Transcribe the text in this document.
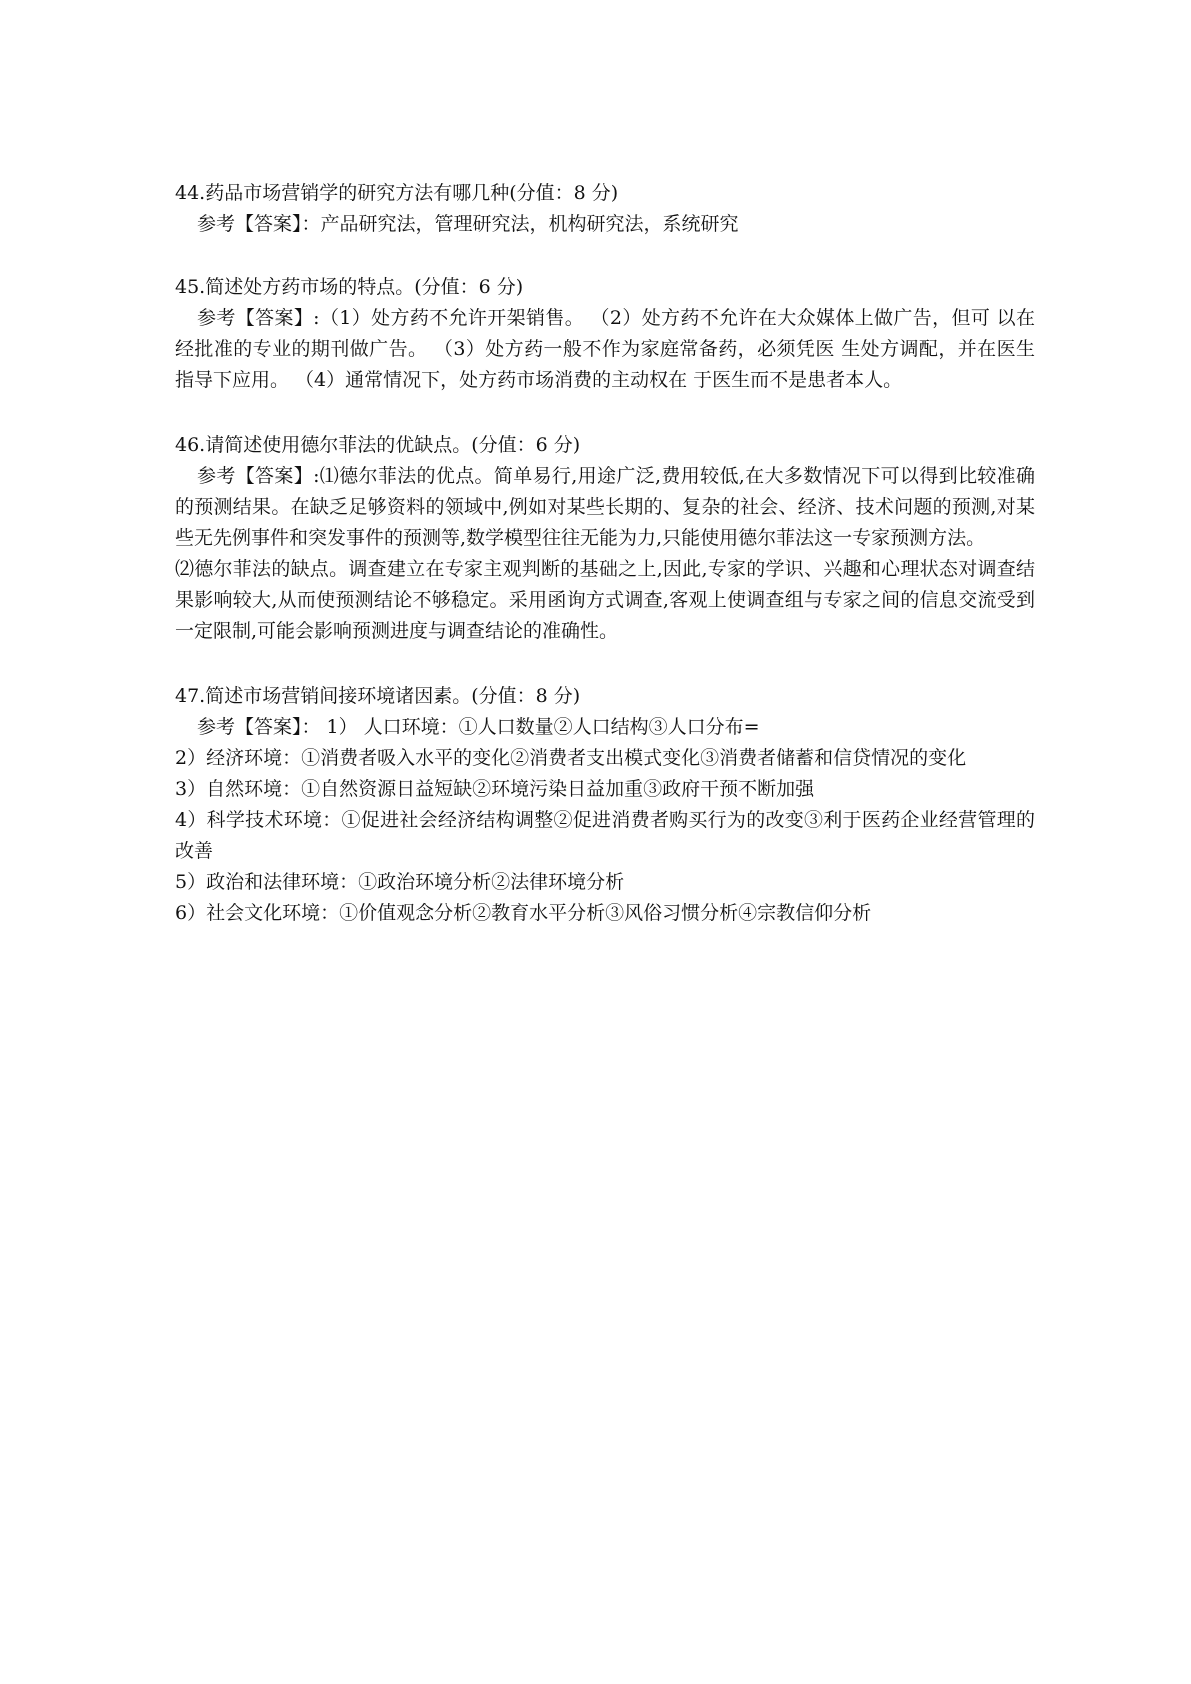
44.药品市场营销学的研究方法有哪几种(分值：8 分)

参考【答案】：产品研究法，管理研究法，机构研究法，系统研究

45.简述处方药市场的特点。(分值：6 分)

参考【答案】:（1）处方药不允许开架销售。 （2）处方药不允许在大众媒体上做广告，但可 以在经批准的专业的期刊做广告。 （3）处方药一般不作为家庭常备药，必须凭医 生处方调配，并在医生指导下应用。 （4）通常情况下，处方药市场消费的主动权在 于医生而不是患者本人。

46.请简述使用德尔菲法的优缺点。(分值：6 分)

参考【答案】:⑴德尔菲法的优点。简单易行,用途广泛,费用较低,在大多数情况下可以得到比较准确的预测结果。在缺乏足够资料的领域中,例如对某些长期的、复杂的社会、经济、技术问题的预测,对某些无先例事件和突发事件的预测等,数学模型往往无能为力,只能使用德尔菲法这一专家预测方法。

⑵德尔菲法的缺点。调查建立在专家主观判断的基础之上,因此,专家的学识、兴趣和心理状态对调查结果影响较大,从而使预测结论不够稳定。采用函询方式调查,客观上使调查组与专家之间的信息交流受到一定限制,可能会影响预测进度与调查结论的准确性。

47.简述市场营销间接环境诸因素。(分值：8 分)

参考【答案】： 1） 人口环境：①人口数量②人口结构③人口分布=

2）经济环境：①消费者吸入水平的变化②消费者支出模式变化③消费者储蓄和信贷情况的变化

3）自然环境：①自然资源日益短缺②环境污染日益加重③政府干预不断加强

4）科学技术环境：①促进社会经济结构调整②促进消费者购买行为的改变③利于医药企业经营管理的改善

5）政治和法律环境：①政治环境分析②法律环境分析

6）社会文化环境：①价值观念分析②教育水平分析③风俗习惯分析④宗教信仰分析
